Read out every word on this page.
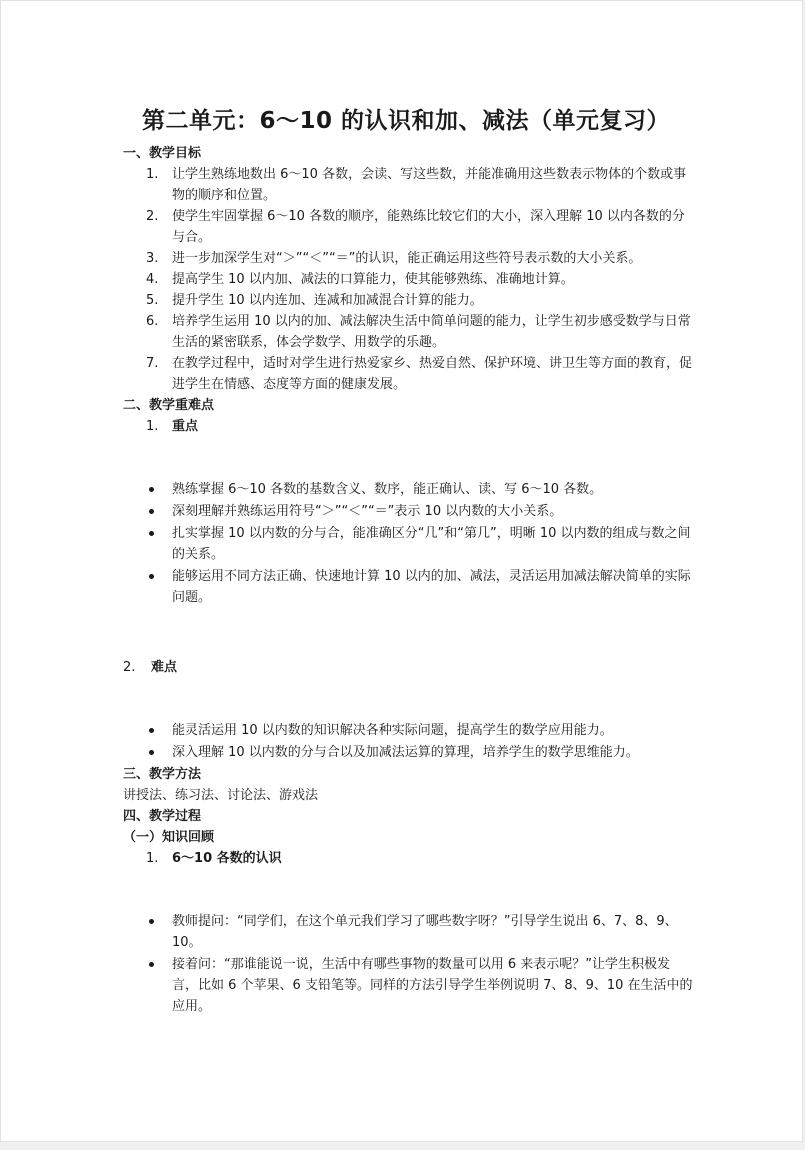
第二单元：6～10 的认识和加、减法（单元复习）

一、教学目标

1. 让学生熟练地数出 6～10 各数，会读、写这些数，并能准确用这些数表示物体的个数或事物的顺序和位置。
2. 使学生牢固掌握 6～10 各数的顺序，能熟练比较它们的大小，深入理解 10 以内各数的分与合。
3. 进一步加深学生对“＞”“＜”“＝”的认识，能正确运用这些符号表示数的大小关系。
4. 提高学生 10 以内加、减法的口算能力，使其能够熟练、准确地计算。
5. 提升学生 10 以内连加、连减和加减混合计算的能力。
6. 培养学生运用 10 以内的加、减法解决生活中简单问题的能力，让学生初步感受数学与日常生活的紧密联系，体会学数学、用数学的乐趣。
7. 在教学过程中，适时对学生进行热爱家乡、热爱自然、保护环境、讲卫生等方面的教育，促进学生在情感、态度等方面的健康发展。

二、教学重难点

1. 重点
熟练掌握 6～10 各数的基数含义、数序，能正确认、读、写 6～10 各数。
深刻理解并熟练运用符号“＞”“＜”“＝”表示 10 以内数的大小关系。
扎实掌握 10 以内数的分与合，能准确区分“几”和“第几”，明晰 10 以内数的组成与数之间的关系。
能够运用不同方法正确、快速地计算 10 以内的加、减法，灵活运用加减法解决简单的实际问题。
2. 难点
能灵活运用 10 以内数的知识解决各种实际问题，提高学生的数学应用能力。
深入理解 10 以内数的分与合以及加减法运算的算理，培养学生的数学思维能力。

三、教学方法

讲授法、练习法、讨论法、游戏法

四、教学过程

（一）知识回顾

1. 6～10 各数的认识
教师提问：“同学们，在这个单元我们学习了哪些数字呀？”引导学生说出 6、7、8、9、10。
接着问：“那谁能说一说，生活中有哪些事物的数量可以用 6 来表示呢？”让学生积极发言，比如 6 个苹果、6 支铅笔等。同样的方法引导学生举例说明 7、8、9、10 在生活中的应用。
